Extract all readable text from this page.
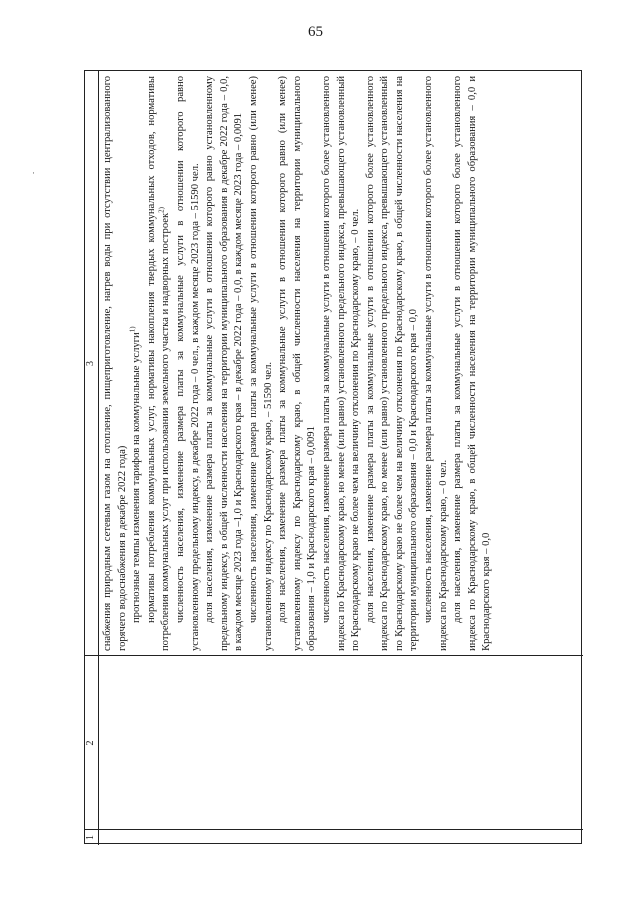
65
·
1
2
3 снабжения природным сетевым газом на отопление, пищеприготовление, нагрев воды при отсутствии централизованного горячего водоснабжения в декабре 2022 года) прогнозные темпы изменения тарифов на коммунальные услуги$^{1)}$ нормативы потребления коммунальных услуг, нормативы накопления твердых коммунальных отходов, нормативы потребления коммунальных услуг при использовании земельного участка и надворных построек$^{2)}$ численность населения, изменение размера платы за коммунальные услуги в отношении которого равно установленному предельному индексу, в декабре 2022 года – 0 чел., в каждом месяце 2023 года – 51590 чел. доля населения, изменение размера платы за коммунальные услуги в отношении которого равно установленному предельному индексу, в общей численности населения на территории муниципального образования в декабре 2022 года – 0,0, в каждом месяце 2023 года –1,0 и Краснодарского края – в декабре 2022 года – 0,0, в каждом месяце 2023 года – 0,0091 численность населения, изменение размера платы за коммунальные услуги в отношении которого равно (или менее) установленному индексу по Краснодарскому краю, – 51590 чел. доля населения, изменение размера платы за коммунальные услуги в отношении которого равно (или менее) установленному индексу по Краснодарскому краю, в общей численности населения на территории муниципального образования – 1,0 и Краснодарского края – 0,0091 численность населения, изменение размера платы за коммунальные услуги в отношении которого более установленного индекса по Краснодарскому краю, но менее (или равно) установленного предельного индекса, превышающего установленный по Краснодарскому краю не более чем на величину отклонения по Краснодарскому краю, – 0 чел. доля населения, изменение размера платы за коммунальные услуги в отношении которого более установленного индекса по Краснодарскому краю, но менее (или равно) установленного предельного индекса, превышающего установленный по Краснодарскому краю не более чем на величину отклонения по Краснодарскому краю, в общей численности населения на территории муниципального образования – 0,0 и Краснодарского края – 0,0 численность населения, изменение размера платы за коммунальные услуги в отношении которого более установленного индекса по Краснодарскому краю, – 0 чел. доля населения, изменение размера платы за коммунальные услуги в отношении которого более установленного индекса по Краснодарскому краю, в общей численности населения на территории муниципального образования – 0,0 и Краснодарского края – 0,0
